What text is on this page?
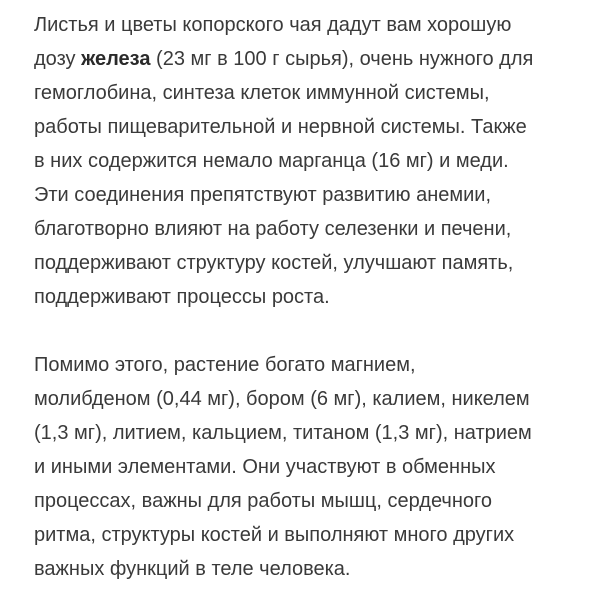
Листья и цветы копорского чая дадут вам хорошую
дозу железа (23 мг в 100 г сырья), очень нужного для
гемоглобина, синтеза клеток иммунной системы,
работы пищеварительной и нервной системы. Также
в них содержится немало марганца (16 мг) и меди.
Эти соединения препятствуют развитию анемии,
благотворно влияют на работу селезенки и печени,
поддерживают структуру костей, улучшают память,
поддерживают процессы роста.
Помимо этого, растение богато магнием,
молибденом (0,44 мг), бором (6 мг), калием, никелем
(1,3 мг), литием, кальцием, титаном (1,3 мг), натрием
и иными элементами. Они участвуют в обменных
процессах, важны для работы мышц, сердечного
ритма, структуры костей и выполняют много других
важных функций в теле человека.
